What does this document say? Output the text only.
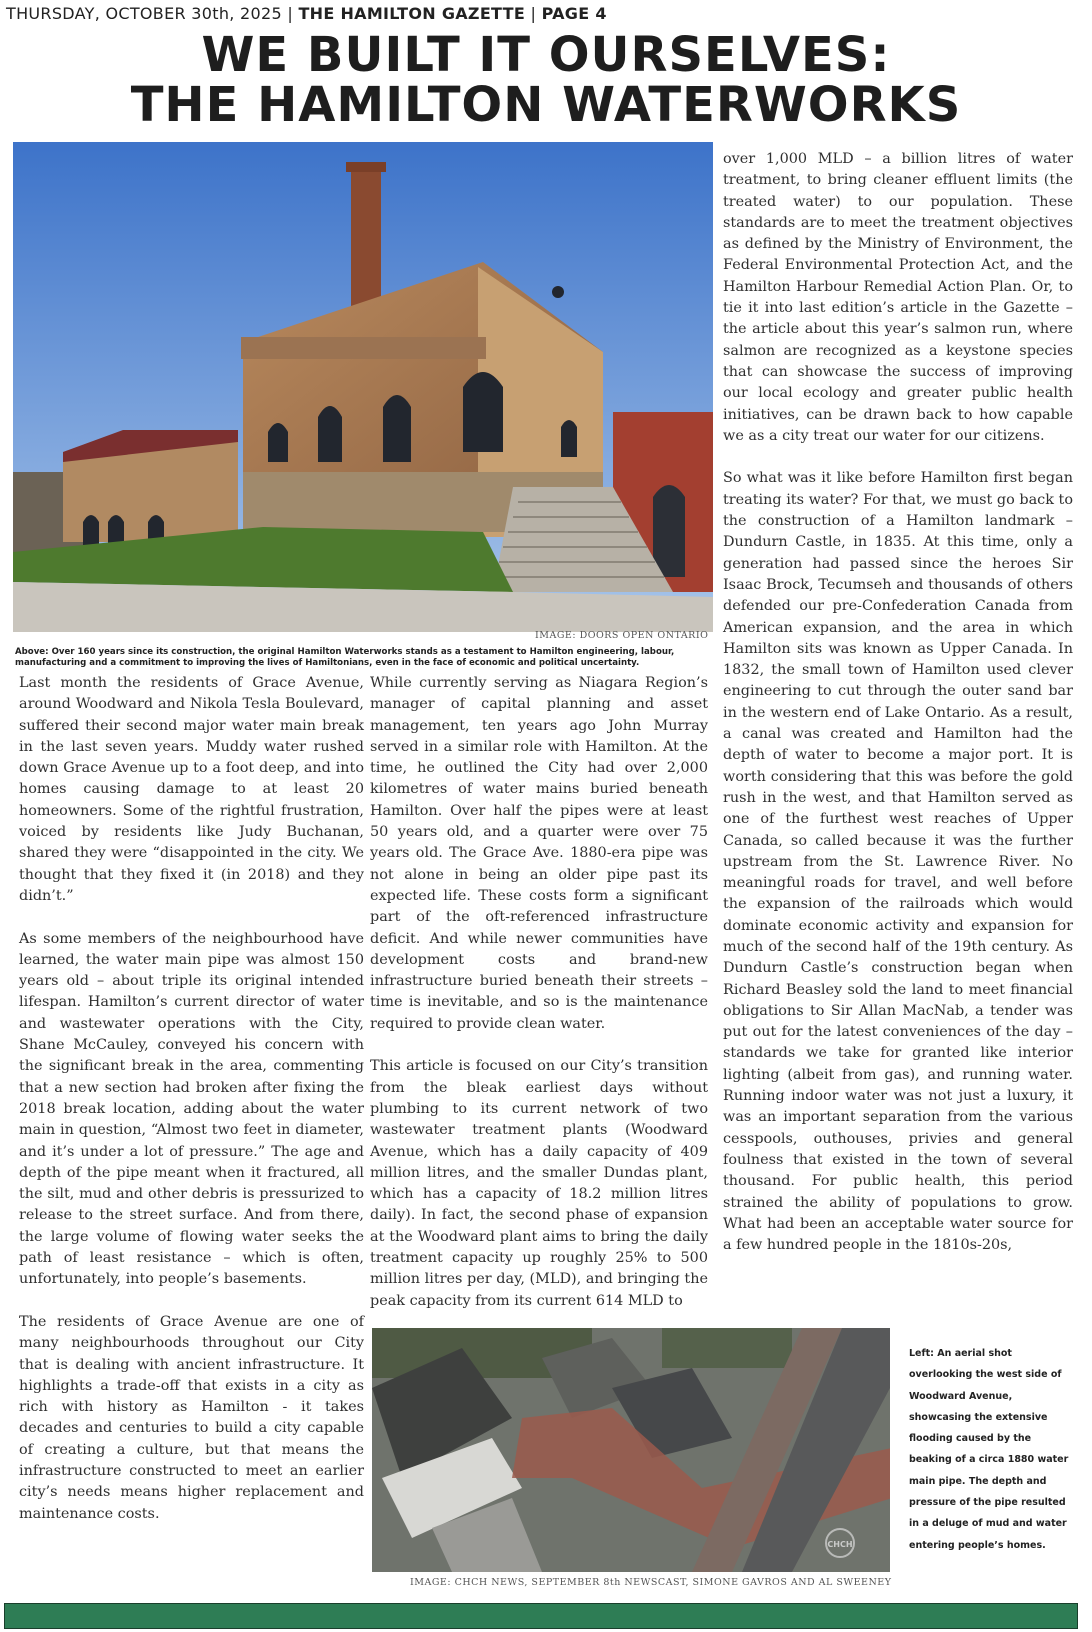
THURSDAY, OCTOBER 30th, 2025 | THE HAMILTON GAZETTE | PAGE 4
WE BUILT IT OURSELVES:
THE HAMILTON WATERWORKS
IMAGE: DOORS OPEN ONTARIO
Above: Over 160 years since its construction, the original Hamilton Waterworks stands as a testament to Hamilton engineering, labour, manufacturing and a commitment to improving the lives of Hamiltonians, even in the face of economic and political uncertainty.

Last month the residents of Grace Avenue, around Woodward and Nikola Tesla Boulevard, suffered their second major water main break in the last seven years. Muddy water rushed down Grace Avenue up to a foot deep, and into homes causing damage to at least 20 homeowners. Some of the rightful frustration, voiced by residents like Judy Buchanan, shared they were “disappointed in the city. We thought that they fixed it (in 2018) and they didn’t.”

As some members of the neighbourhood have learned, the water main pipe was almost 150 years old – about triple its original intended lifespan. Hamilton’s current director of water and wastewater operations with the City, Shane McCauley, conveyed his concern with the significant break in the area, commenting that a new section had broken after fixing the 2018 break location, adding about the water main in question, “Almost two feet in diameter, and it’s under a lot of pressure.” The age and depth of the pipe meant when it fractured, all the silt, mud and other debris is pressurized to release to the street surface. And from there, the large volume of flowing water seeks the path of least resistance – which is often, unfortunately, into people’s basements.

The residents of Grace Avenue are one of many neighbourhoods throughout our City that is dealing with ancient infrastructure. It highlights a trade-off that exists in a city as rich with history as Hamilton - it takes decades and centuries to build a city capable of creating a culture, but that means the infrastructure constructed to meet an earlier city’s needs means higher replacement and maintenance costs.

While currently serving as Niagara Region’s manager of capital planning and asset management, ten years ago John Murray served in a similar role with Hamilton. At the time, he outlined the City had over 2,000 kilometres of water mains buried beneath Hamilton. Over half the pipes were at least 50 years old, and a quarter were over 75 years old. The Grace Ave. 1880-era pipe was not alone in being an older pipe past its expected life. These costs form a significant part of the oft-referenced infrastructure deficit. And while newer communities have development costs and brand-new infrastructure buried beneath their streets – time is inevitable, and so is the maintenance required to provide clean water.

This article is focused on our City’s transition from the bleak earliest days without plumbing to its current network of two wastewater treatment plants (Woodward Avenue, which has a daily capacity of 409 million litres, and the smaller Dundas plant, which has a capacity of 18.2 million litres daily). In fact, the second phase of expansion at the Woodward plant aims to bring the daily treatment capacity up roughly 25% to 500 million litres per day, (MLD), and bringing the peak capacity from its current 614 MLD to

over 1,000 MLD – a billion litres of water treatment, to bring cleaner effluent limits (the treated water) to our population. These standards are to meet the treatment objectives as defined by the Ministry of Environment, the Federal Environmental Protection Act, and the Hamilton Harbour Remedial Action Plan. Or, to tie it into last edition’s article in the Gazette – the article about this year’s salmon run, where salmon are recognized as a keystone species that can showcase the success of improving our local ecology and greater public health initiatives, can be drawn back to how capable we as a city treat our water for our citizens.

So what was it like before Hamilton first began treating its water? For that, we must go back to the construction of a Hamilton landmark – Dundurn Castle, in 1835. At this time, only a generation had passed since the heroes Sir Isaac Brock, Tecumseh and thousands of others defended our pre-Confederation Canada from American expansion, and the area in which Hamilton sits was known as Upper Canada. In 1832, the small town of Hamilton used clever engineering to cut through the outer sand bar in the western end of Lake Ontario. As a result, a canal was created and Hamilton had the depth of water to become a major port. It is worth considering that this was before the gold rush in the west, and that Hamilton served as one of the furthest west reaches of Upper Canada, so called because it was the further upstream from the St. Lawrence River. No meaningful roads for travel, and well before the expansion of the railroads which would dominate economic activity and expansion for much of the second half of the 19th century. As Dundurn Castle’s construction began when Richard Beasley sold the land to meet financial obligations to Sir Allan MacNab, a tender was put out for the latest conveniences of the day – standards we take for granted like interior lighting (albeit from gas), and running water. Running indoor water was not just a luxury, it was an important separation from the various cesspools, outhouses, privies and general foulness that existed in the town of several thousand. For public health, this period strained the ability of populations to grow. What had been an acceptable water source for a few hundred people in the 1810s-20s,

CHCH
Left: An aerial shot overlooking the west side of Woodward Avenue, showcasing the extensive flooding caused by the beaking of a circa 1880 water main pipe. The depth and pressure of the pipe resulted in a deluge of mud and water entering people’s homes.
IMAGE: CHCH NEWS, SEPTEMBER 8th NEWSCAST, SIMONE GAVROS AND AL SWEENEY
